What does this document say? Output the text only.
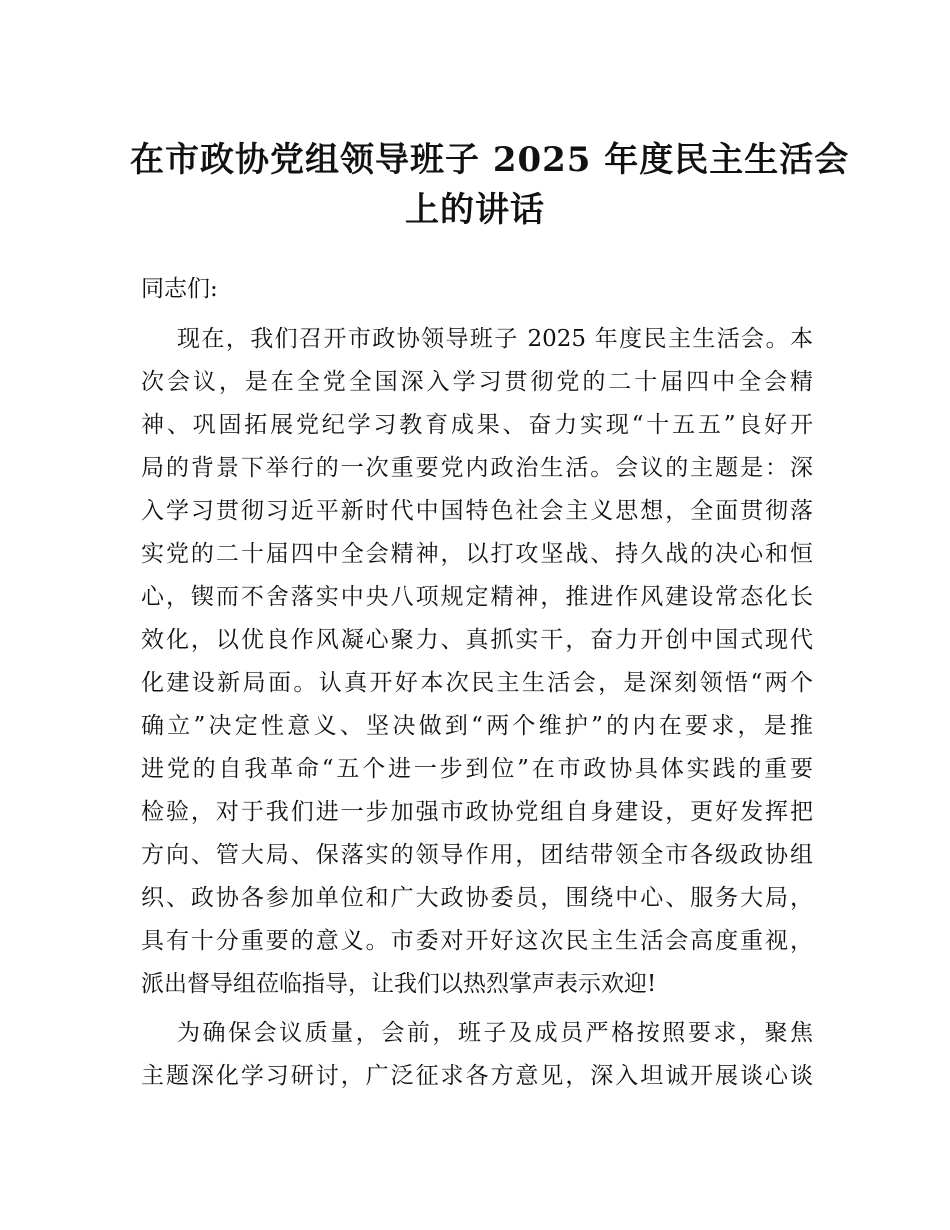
在市政协党组领导班子 2025 年度民主生活会
上的讲话

同志们:

现在，我们召开市政协领导班子 2025 年度民主生活会。本
次会议，是在全党全国深入学习贯彻党的二十届四中全会精
神、巩固拓展党纪学习教育成果、奋力实现“十五五”良好开
局的背景下举行的一次重要党内政治生活。会议的主题是：深
入学习贯彻习近平新时代中国特色社会主义思想，全面贯彻落
实党的二十届四中全会精神，以打攻坚战、持久战的决心和恒
心，锲而不舍落实中央八项规定精神，推进作风建设常态化长
效化，以优良作风凝心聚力、真抓实干，奋力开创中国式现代
化建设新局面。认真开好本次民主生活会，是深刻领悟“两个
确立”决定性意义、坚决做到“两个维护”的内在要求，是推
进党的自我革命“五个进一步到位”在市政协具体实践的重要
检验，对于我们进一步加强市政协党组自身建设，更好发挥把
方向、管大局、保落实的领导作用，团结带领全市各级政协组
织、政协各参加单位和广大政协委员，围绕中心、服务大局，
具有十分重要的意义。市委对开好这次民主生活会高度重视，
派出督导组莅临指导，让我们以热烈掌声表示欢迎!
为确保会议质量，会前，班子及成员严格按照要求，聚焦
主题深化学习研讨，广泛征求各方意见，深入坦诚开展谈心谈
